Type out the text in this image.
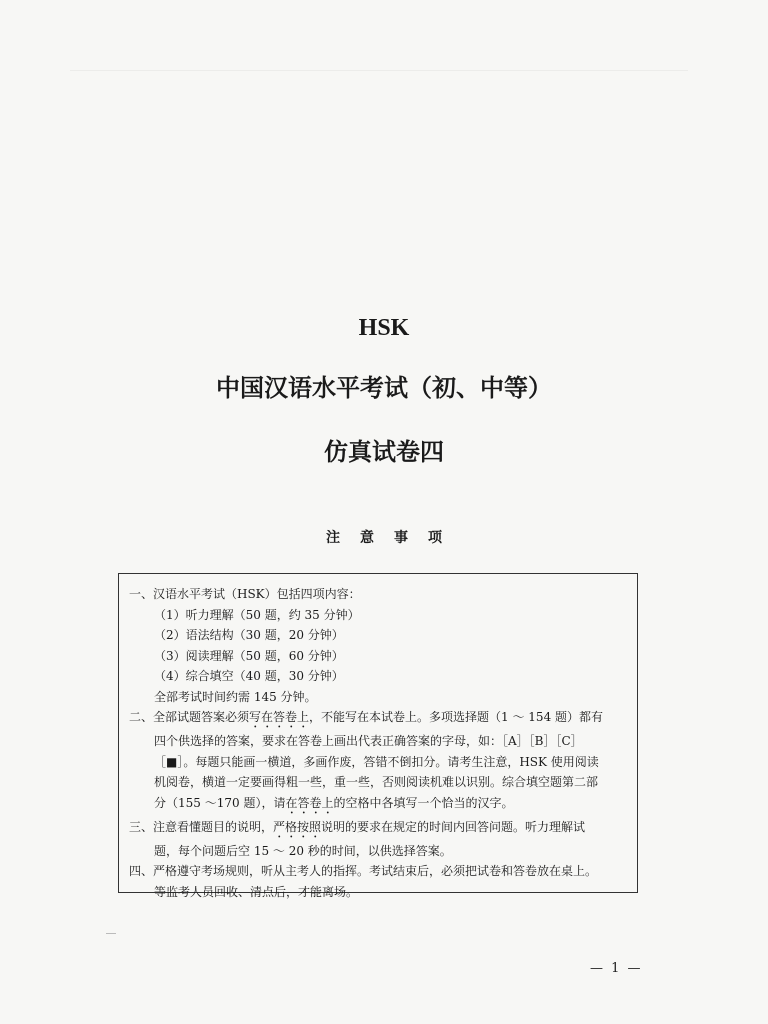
HSK
中国汉语水平考试（初、中等）
仿真试卷四
注意事项
一、汉语水平考试（HSK）包括四项内容：
（1）听力理解（50 题，约 35 分钟）
（2）语法结构（30 题，20 分钟）
（3）阅读理解（50 题，60 分钟）
（4）综合填空（40 题，30 分钟）
全部考试时间约需 145 分钟。
二、全部试题答案必须写在答卷上，不能写在本试卷上。多项选择题（1 ～ 154 题）都有
四个供选择的答案，要求在答卷上画出代表正确答案的字母，如：［A］［B］［C］
［■］。每题只能画一横道，多画作废，答错不倒扣分。请考生注意，HSK 使用阅读
机阅卷，横道一定要画得粗一些，重一些，否则阅读机难以识别。综合填空题第二部
分（155 ～170 题），请在答卷上的空格中各填写一个恰当的汉字。
三、注意看懂题目的说明，严格按照说明的要求在规定的时间内回答问题。听力理解试
题，每个问题后空 15 ～ 20 秒的时间，以供选择答案。
四、严格遵守考场规则，听从主考人的指挥。考试结束后，必须把试卷和答卷放在桌上。
等监考人员回收、清点后，才能离场。
— 1 —
